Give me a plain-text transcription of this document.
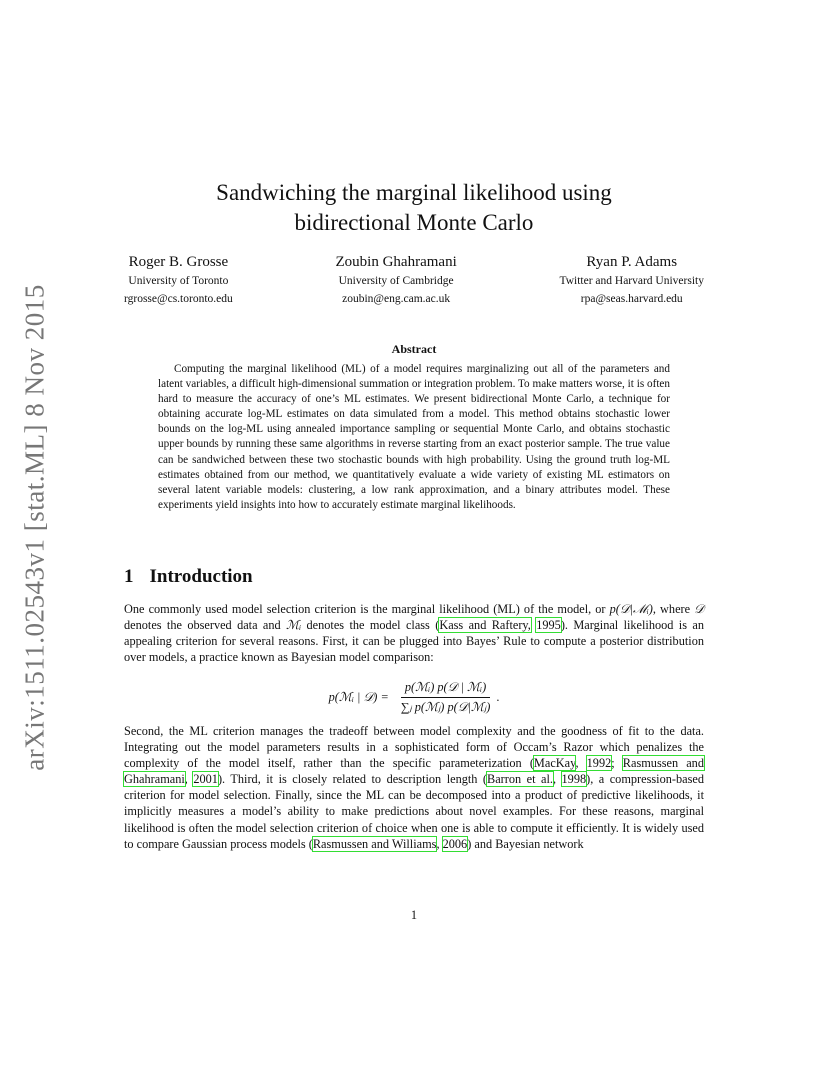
arXiv:1511.02543v1 [stat.ML] 8 Nov 2015
Sandwiching the marginal likelihood using
bidirectional Monte Carlo
Roger B. Grosse
University of Toronto
rgrosse@cs.toronto.edu
Zoubin Ghahramani
University of Cambridge
zoubin@eng.cam.ac.uk
Ryan P. Adams
Twitter and Harvard University
rpa@seas.harvard.edu
Abstract

Computing the marginal likelihood (ML) of a model requires marginalizing out all of the parameters and latent variables, a difficult high-dimensional summation or integration problem. To make matters worse, it is often hard to measure the accuracy of one’s ML estimates. We present bidirectional Monte Carlo, a technique for obtaining accurate log-ML estimates on data simulated from a model. This method obtains stochastic lower bounds on the log-ML using annealed importance sampling or sequential Monte Carlo, and obtains stochastic upper bounds by running these same algorithms in reverse starting from an exact posterior sample. The true value can be sandwiched between these two stochastic bounds with high probability. Using the ground truth log-ML estimates obtained from our method, we quantitatively evaluate a wide variety of existing ML estimators on several latent variable models: clustering, a low rank approximation, and a binary attributes model. These experiments yield insights into how to accurately estimate marginal likelihoods.

1 Introduction

One commonly used model selection criterion is the marginal likelihood (ML) of the model, or p(𝒟|ℳᵢ), where 𝒟 denotes the observed data and ℳᵢ denotes the model class (Kass and Raftery, 1995). Marginal likelihood is an appealing criterion for several reasons. First, it can be plugged into Bayes’ Rule to compute a posterior distribution over models, a practice known as Bayesian model comparison:

p(ℳᵢ | 𝒟) = $\frac{\text{p(ℳᵢ) p(𝒟 | ℳᵢ)}}{\text{∑ⱼ p(ℳⱼ) p(𝒟|ℳⱼ)}}$ .

Second, the ML criterion manages the tradeoff between model complexity and the goodness of fit to the data. Integrating out the model parameters results in a sophisticated form of Occam’s Razor which penalizes the complexity of the model itself, rather than the specific parameterization (MacKay, 1992; Rasmussen and Ghahramani, 2001). Third, it is closely related to description length (Barron et al., 1998), a compression-based criterion for model selection. Finally, since the ML can be decomposed into a product of predictive likelihoods, it implicitly measures a model’s ability to make predictions about novel examples. For these reasons, marginal likelihood is often the model selection criterion of choice when one is able to compute it efficiently. It is widely used to compare Gaussian process models (Rasmussen and Williams, 2006) and Bayesian network

1
